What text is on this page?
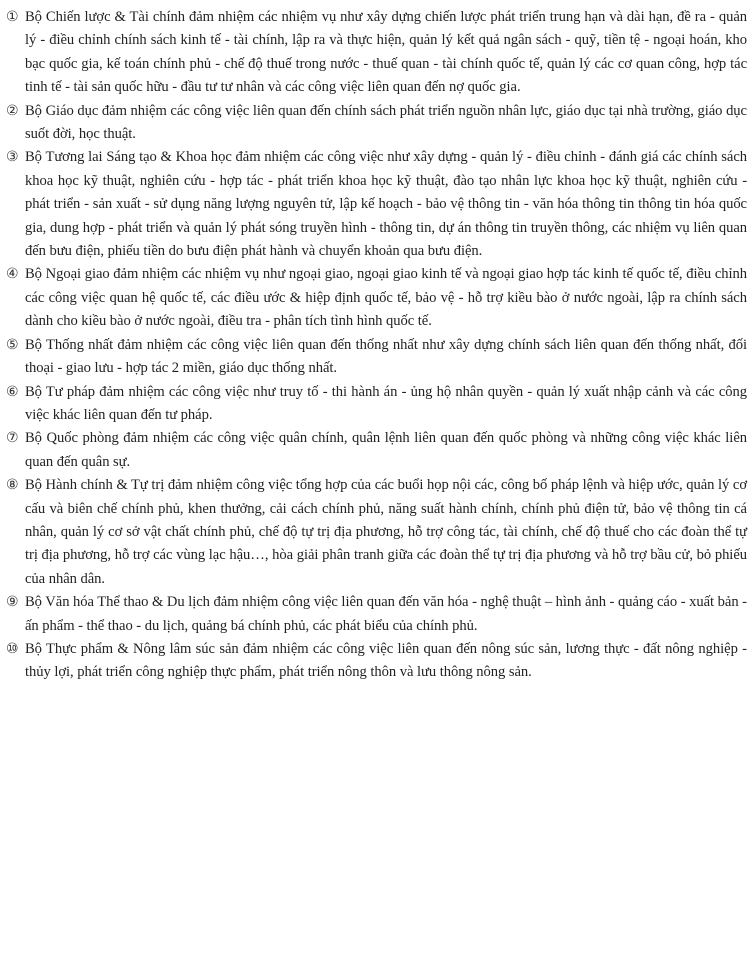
① Bộ Chiến lược & Tài chính đảm nhiệm các nhiệm vụ như xây dựng chiến lược phát triển trung hạn và dài hạn, đề ra - quản lý - điều chỉnh chính sách kinh tế - tài chính, lập ra và thực hiện, quản lý kết quả ngân sách - quỹ, tiền tệ - ngoại hoán, kho bạc quốc gia, kế toán chính phủ - chế độ thuế trong nước - thuế quan - tài chính quốc tế, quản lý các cơ quan công, hợp tác tinh tế - tài sản quốc hữu - đầu tư tư nhân và các công việc liên quan đến nợ quốc gia.
② Bộ Giáo dục đảm nhiệm các công việc liên quan đến chính sách phát triển nguồn nhân lực, giáo dục tại nhà trường, giáo dục suốt đời, học thuật.
③ Bộ Tương lai Sáng tạo & Khoa học đảm nhiệm các công việc như xây dựng - quản lý - điều chỉnh - đánh giá các chính sách khoa học kỹ thuật, nghiên cứu - hợp tác - phát triển khoa học kỹ thuật, đào tạo nhân lực khoa học kỹ thuật, nghiên cứu - phát triển - sản xuất - sử dụng năng lượng nguyên tử, lập kế hoạch - bảo vệ thông tin - văn hóa thông tin thông tin hóa quốc gia, dung hợp - phát triển và quản lý phát sóng truyền hình - thông tin, dự án thông tin truyền thông, các nhiệm vụ liên quan đến bưu điện, phiếu tiền do bưu điện phát hành và chuyển khoản qua bưu điện.
④ Bộ Ngoại giao đảm nhiệm các nhiệm vụ như ngoại giao, ngoại giao kinh tế và ngoại giao hợp tác kinh tế quốc tế, điều chỉnh các công việc quan hệ quốc tế, các điều ước & hiệp định quốc tế, bảo vệ - hỗ trợ kiều bào ở nước ngoài, lập ra chính sách dành cho kiều bào ở nước ngoài, điều tra - phân tích tình hình quốc tế.
⑤ Bộ Thống nhất đảm nhiệm các công việc liên quan đến thống nhất như xây dựng chính sách liên quan đến thống nhất, đối thoại - giao lưu - hợp tác 2 miền, giáo dục thống nhất.
⑥ Bộ Tư pháp đảm nhiệm các công việc như truy tố - thi hành án - ủng hộ nhân quyền - quản lý xuất nhập cảnh và các công việc khác liên quan đến tư pháp.
⑦ Bộ Quốc phòng đảm nhiệm các công việc quân chính, quân lệnh liên quan đến quốc phòng và những công việc khác liên quan đến quân sự.
⑧ Bộ Hành chính & Tự trị đảm nhiệm công việc tổng hợp của các buổi họp nội các, công bố pháp lệnh và hiệp ước, quản lý cơ cấu và biên chế chính phủ, khen thưởng, cải cách chính phủ, năng suất hành chính, chính phủ điện tử, bảo vệ thông tin cá nhân, quản lý cơ sở vật chất chính phủ, chế độ tự trị địa phương, hỗ trợ công tác, tài chính, chế độ thuế cho các đoàn thể tự trị địa phương, hỗ trợ các vùng lạc hậu…, hòa giải phân tranh giữa các đoàn thể tự trị địa phương và hỗ trợ bầu cử, bỏ phiếu của nhân dân.
⑨ Bộ Văn hóa Thể thao & Du lịch đảm nhiệm công việc liên quan đến văn hóa - nghệ thuật – hình ảnh - quảng cáo - xuất bản - ấn phẩm - thể thao - du lịch, quảng bá chính phủ, các phát biểu của chính phủ.
⑩ Bộ Thực phẩm & Nông lâm súc sản đảm nhiệm các công việc liên quan đến nông súc sản, lương thực - đất nông nghiệp - thủy lợi, phát triển công nghiệp thực phẩm, phát triển nông thôn và lưu thông nông sản.
